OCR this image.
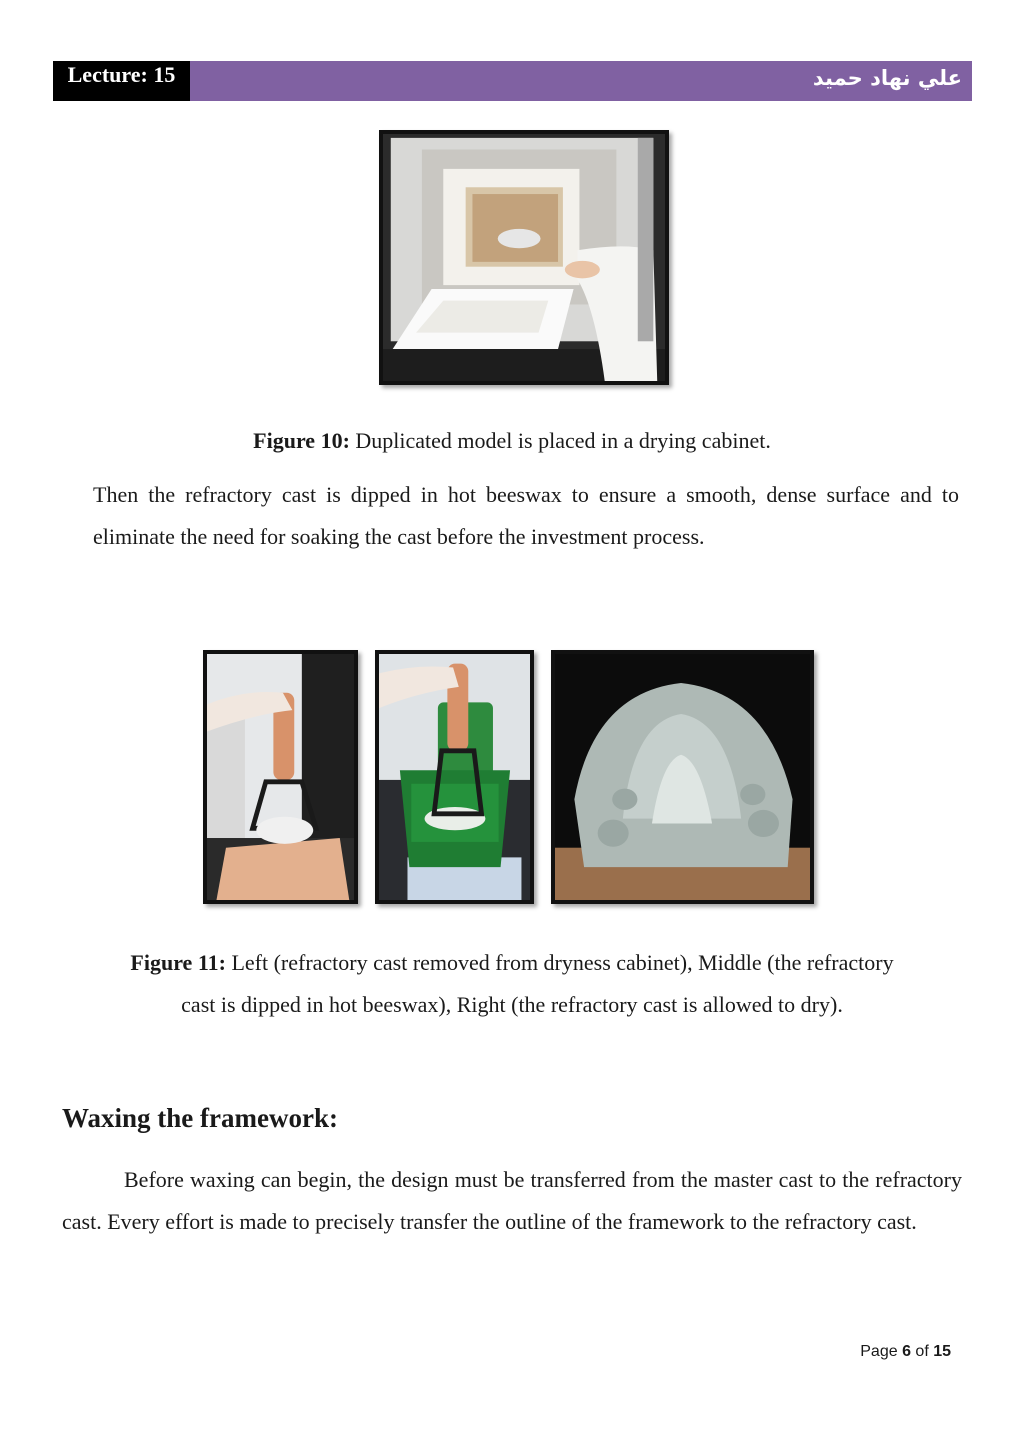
Lecture: 15	علي نهاد حميد
Figure 10: Duplicated model is placed in a drying cabinet.

Then the refractory cast is dipped in hot beeswax to ensure a smooth, dense surface and to eliminate the need for soaking the cast before the investment process.

Figure 11: Left (refractory cast removed from dryness cabinet), Middle (the refractory
cast is dipped in hot beeswax), Right (the refractory cast is allowed to dry).
Waxing the framework:

Before waxing can begin, the design must be transferred from the master cast to the refractory cast. Every effort is made to precisely transfer the outline of the framework to the refractory cast.

Page 6 of 15
